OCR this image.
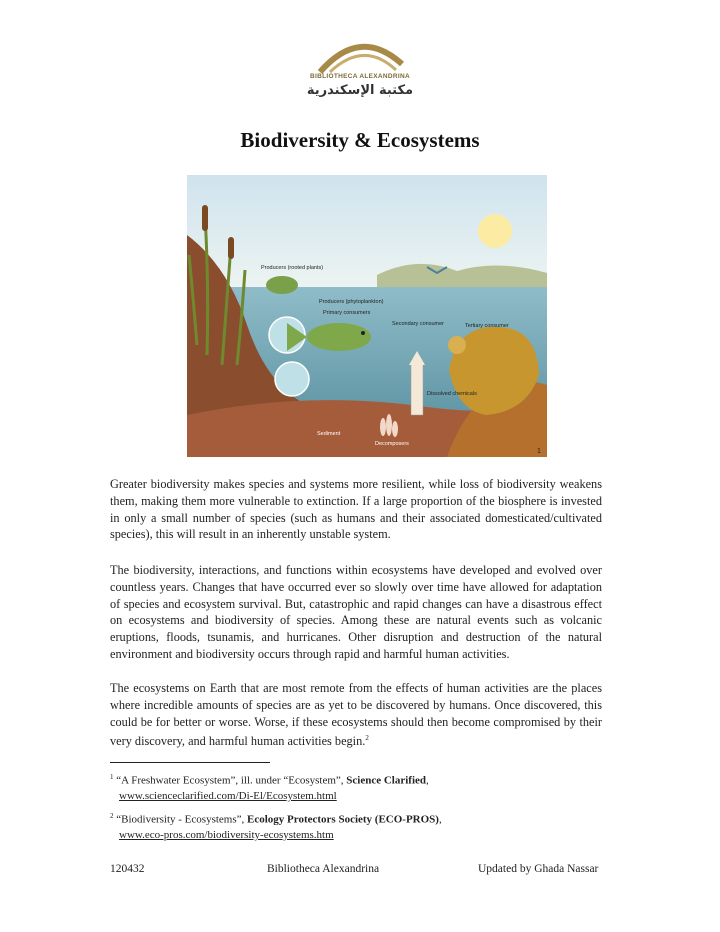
BIBLIOTHECA ALEXANDRINA
مكتبة الإسكندرية
Biodiversity & Ecosystems
Producers (rooted plants)
Producers (phytoplankton)
Primary consumers
Secondary consumer	Tertiary consumer
Dissolved chemicals
Sediment
Decomposers
1

Greater biodiversity makes species and systems more resilient, while loss of biodiversity weakens them, making them more vulnerable to extinction. If a large proportion of the biosphere is invested in only a small number of species (such as humans and their associated domesticated/cultivated species), this will result in an inherently unstable system.

The biodiversity, interactions, and functions within ecosystems have developed and evolved over countless years. Changes that have occurred ever so slowly over time have allowed for adaptation of species and ecosystem survival. But, catastrophic and rapid changes can have a disastrous effect on ecosystems and biodiversity of species. Among these are natural events such as volcanic eruptions, floods, tsunamis, and hurricanes. Other disruption and destruction of the natural environment and biodiversity occurs through rapid and harmful human activities.

The ecosystems on Earth that are most remote from the effects of human activities are the places where incredible amounts of species are as yet to be discovered by humans. Once discovered, this could be for better or worse. Worse, if these ecosystems should then become compromised by their very discovery, and harmful human activities begin.$^2$

$^1$ “A Freshwater Ecosystem”, ill. under “Ecosystem”, Science Clarified,
www.scienceclarified.com/Di-El/Ecosystem.html
$^2$ “Biodiversity - Ecosystems”, Ecology Protectors Society (ECO-PROS),
www.eco-pros.com/biodiversity-ecosystems.htm
120432	Bibliotheca Alexandrina	Updated by Ghada Nassar
